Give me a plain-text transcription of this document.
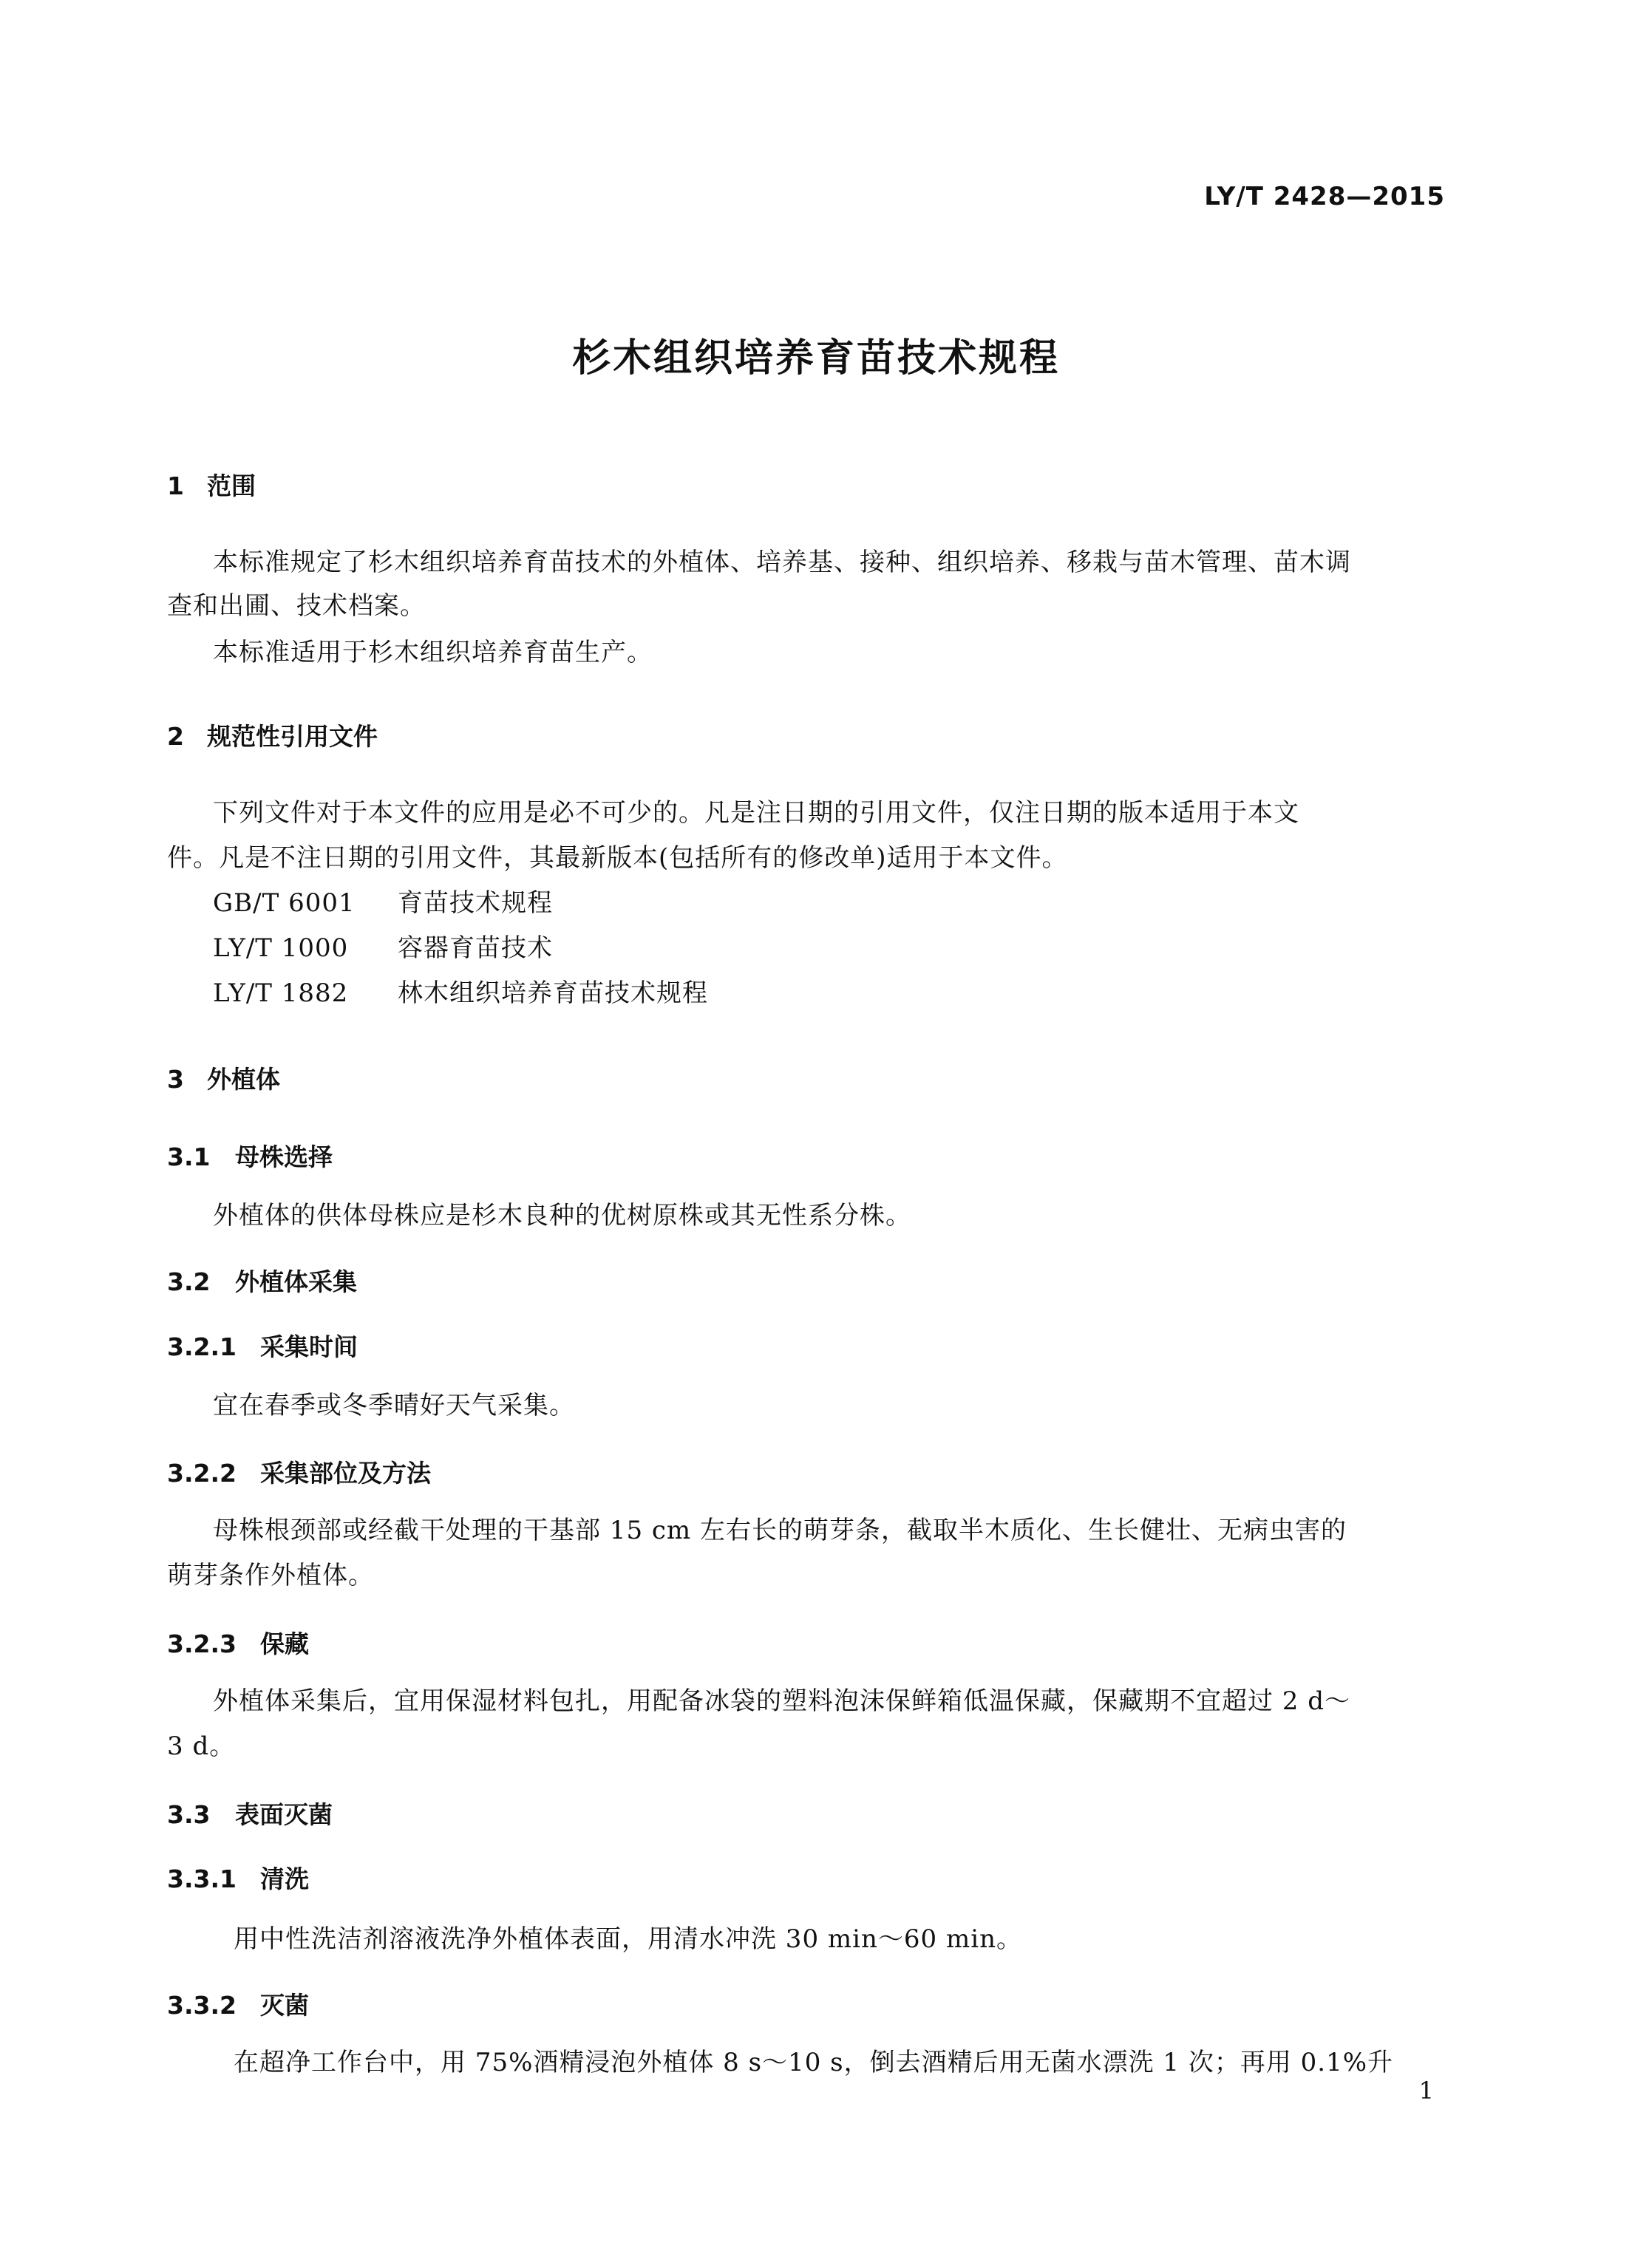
LY/T 2428—2015
杉木组织培养育苗技术规程
1 范围
本标准规定了杉木组织培养育苗技术的外植体、培养基、接种、组织培养、移栽与苗木管理、苗木调
查和出圃、技术档案。
本标准适用于杉木组织培养育苗生产。
2 规范性引用文件
下列文件对于本文件的应用是必不可少的。凡是注日期的引用文件，仅注日期的版本适用于本文
件。凡是不注日期的引用文件，其最新版本(包括所有的修改单)适用于本文件。
GB/T 6001 育苗技术规程
LY/T 1000 容器育苗技术
LY/T 1882 林木组织培养育苗技术规程
3 外植体
3.1 母株选择
外植体的供体母株应是杉木良种的优树原株或其无性系分株。
3.2 外植体采集
3.2.1 采集时间
宜在春季或冬季晴好天气采集。
3.2.2 采集部位及方法
母株根颈部或经截干处理的干基部 15 cm 左右长的萌芽条，截取半木质化、生长健壮、无病虫害的
萌芽条作外植体。
3.2.3 保藏
外植体采集后，宜用保湿材料包扎，用配备冰袋的塑料泡沫保鲜箱低温保藏，保藏期不宜超过 2 d～
3 d。
3.3 表面灭菌
3.3.1 清洗
用中性洗洁剂溶液洗净外植体表面，用清水冲洗 30 min～60 min。
3.3.2 灭菌
在超净工作台中，用 75%酒精浸泡外植体 8 s～10 s，倒去酒精后用无菌水漂洗 1 次；再用 0.1%升
1
